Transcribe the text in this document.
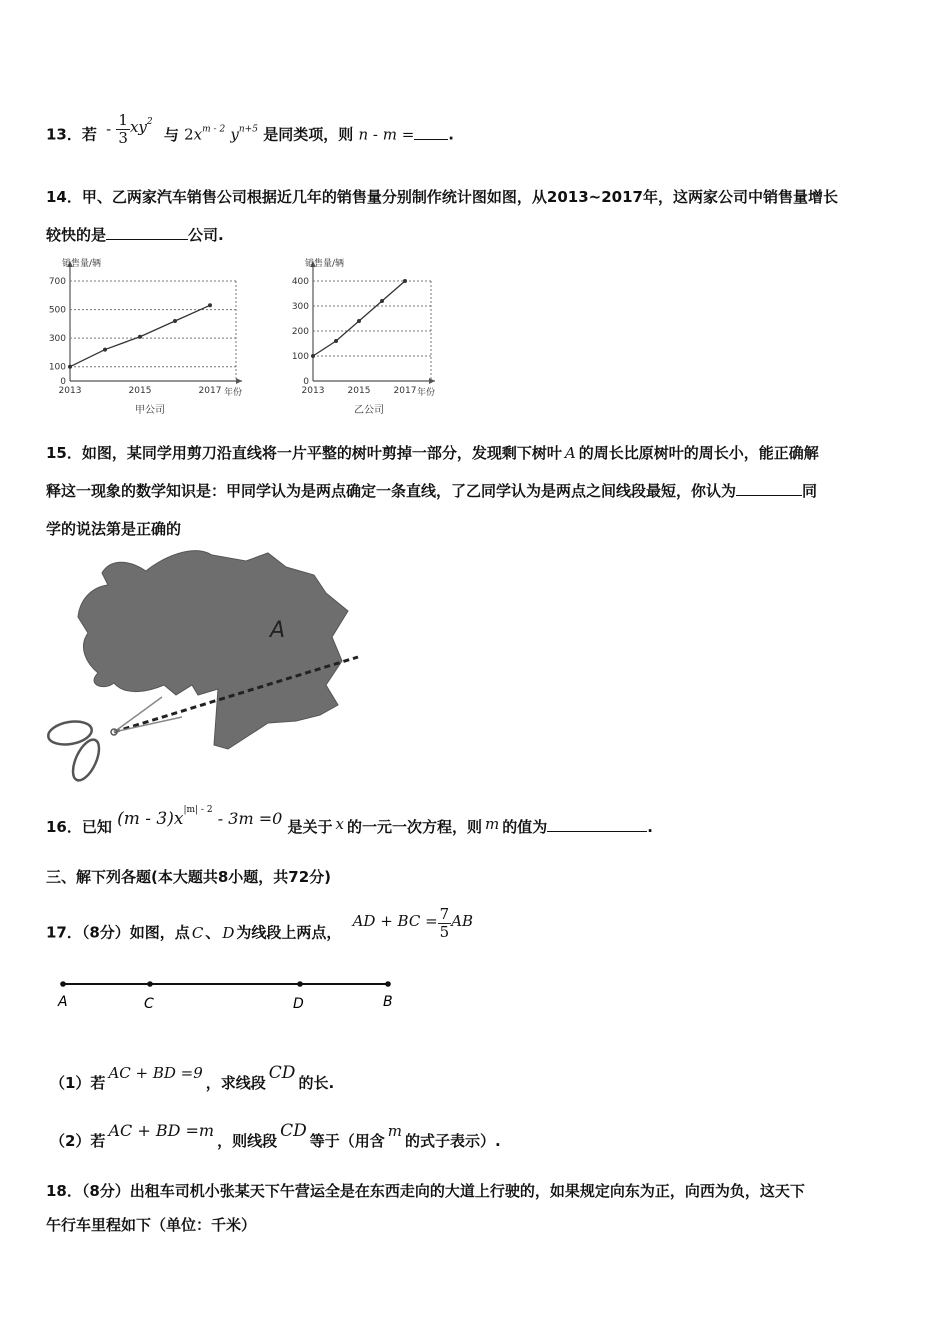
13．若 - $\frac{1}{3} xy^2$ 与 $2x^{m - 2}$ $y^{n+5}$ 是同类项，则 n - m = .
14．甲、乙两家汽车销售公司根据近几年的销售量分别制作统计图如图，从2013~2017年，这两家公司中销售量增长
较快的是	公司.
0
100
300
500
700
2013	2015	2017
销售量/辆
年份
甲公司
0
100
200
300
400
2013	2015	2017
销售量/辆
年份
乙公司
15．如图，某同学用剪刀沿直线将一片平整的树叶剪掉一部分，发现剩下树叶 A 的周长比原树叶的周长小，能正确解
释这一现象的数学知识是：甲同学认为是两点确定一条直线，了乙同学认为是两点之间线段最短，你认为	同
学的说法第是正确的
A
16．已知 $(m - 3)x^{|m| - 2} - 3m =0$ 是关于 x 的一元一次方程，则 m 的值为	.
三、解下列各题(本大题共8小题，共72分)
17．（8分）如图，点 C 、 D 为线段上两点， AD + BC = $\frac{7}{5}$ AB
A	C	D	B
（1）若AC + BD =9，求线段 CD 的长.
（2）若AC + BD =m，则线段 CD 等于（用含m的式子表示）.
18．（8分）出租车司机小张某天下午营运全是在东西走向的大道上行驶的，如果规定向东为正，向西为负，这天下
午行车里程如下（单位：千米）
